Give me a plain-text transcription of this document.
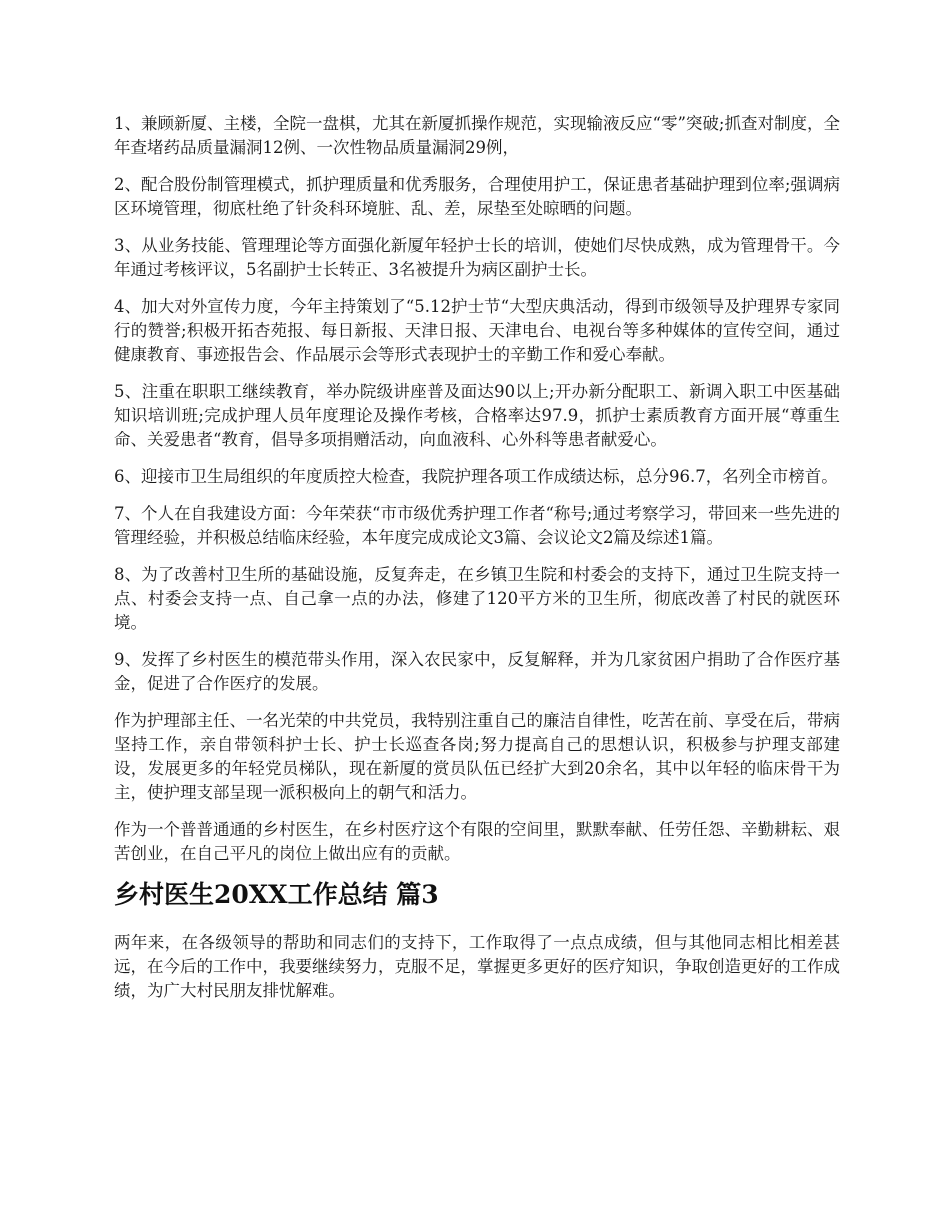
1、兼顾新厦、主楼，全院一盘棋，尤其在新厦抓操作规范，实现输液反应“零”突破;抓查对制度，全年查堵药品质量漏洞12例、一次性物品质量漏洞29例，

2、配合股份制管理模式，抓护理质量和优秀服务，合理使用护工，保证患者基础护理到位率;强调病区环境管理，彻底杜绝了针灸科环境脏、乱、差，尿垫至处晾晒的问题。

3、从业务技能、管理理论等方面强化新厦年轻护士长的培训，使她们尽快成熟，成为管理骨干。今年通过考核评议，5名副护士长转正、3名被提升为病区副护士长。

4、加大对外宣传力度，今年主持策划了“5.12护士节“大型庆典活动，得到市级领导及护理界专家同行的赞誉;积极开拓杏苑报、每日新报、天津日报、天津电台、电视台等多种媒体的宣传空间，通过健康教育、事迹报告会、作品展示会等形式表现护士的辛勤工作和爱心奉献。

5、注重在职职工继续教育，举办院级讲座普及面达90以上;开办新分配职工、新调入职工中医基础知识培训班;完成护理人员年度理论及操作考核，合格率达97.9，抓护士素质教育方面开展“尊重生命、关爱患者“教育，倡导多项捐赠活动，向血液科、心外科等患者献爱心。

6、迎接市卫生局组织的年度质控大检查，我院护理各项工作成绩达标，总分96.7，名列全市榜首。

7、个人在自我建设方面：今年荣获“市市级优秀护理工作者“称号;通过考察学习，带回来一些先进的管理经验，并积极总结临床经验，本年度完成成论文3篇、会议论文2篇及综述1篇。

8、为了改善村卫生所的基础设施，反复奔走，在乡镇卫生院和村委会的支持下，通过卫生院支持一点、村委会支持一点、自己拿一点的办法，修建了120平方米的卫生所，彻底改善了村民的就医环境。

9、发挥了乡村医生的模范带头作用，深入农民家中，反复解释，并为几家贫困户捐助了合作医疗基金，促进了合作医疗的发展。

作为护理部主任、一名光荣的中共党员，我特别注重自己的廉洁自律性，吃苦在前、享受在后，带病坚持工作，亲自带领科护士长、护士长巡查各岗;努力提高自己的思想认识，积极参与护理支部建设，发展更多的年轻党员梯队，现在新厦的赏员队伍已经扩大到20余名，其中以年轻的临床骨干为主，使护理支部呈现一派积极向上的朝气和活力。

作为一个普普通通的乡村医生，在乡村医疗这个有限的空间里，默默奉献、任劳任怨、辛勤耕耘、艰苦创业，在自己平凡的岗位上做出应有的贡献。

乡村医生20XX工作总结 篇3

两年来，在各级领导的帮助和同志们的支持下，工作取得了一点点成绩，但与其他同志相比相差甚远，在今后的工作中，我要继续努力，克服不足，掌握更多更好的医疗知识，争取创造更好的工作成绩，为广大村民朋友排忧解难。
